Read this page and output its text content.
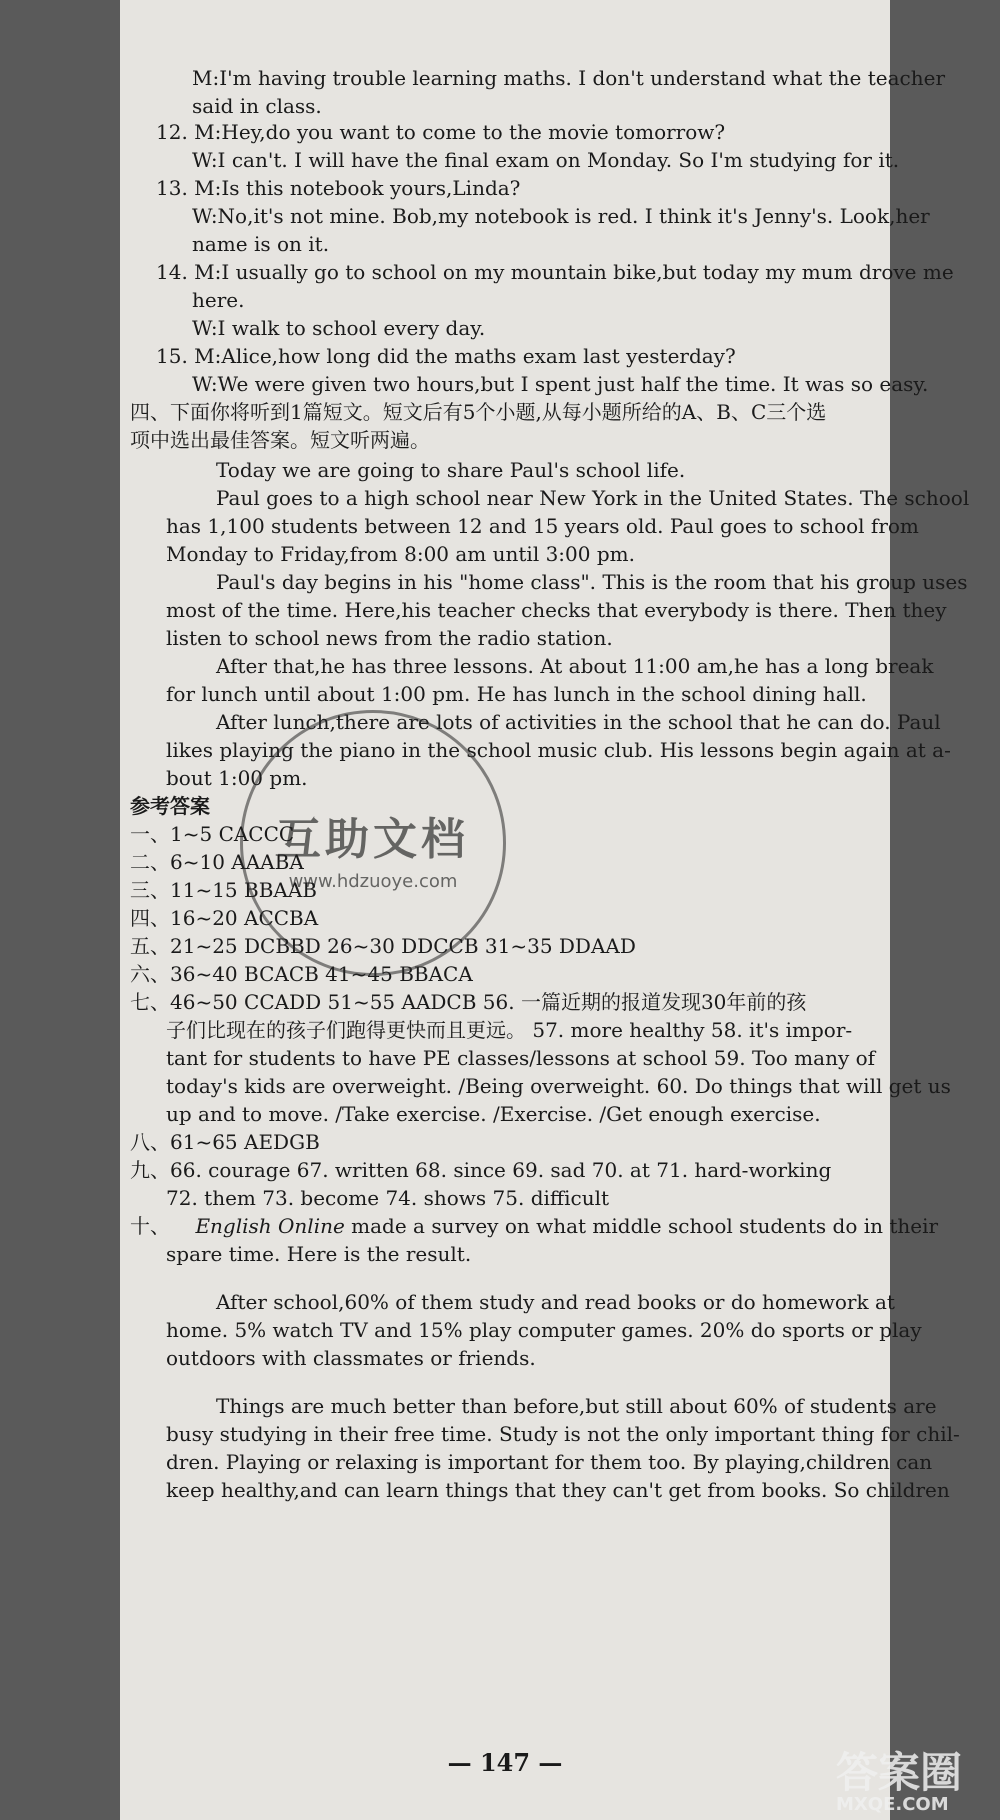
M:I'm having trouble learning maths. I don't understand what the teacher
said in class.
12. M:Hey,do you want to come to the movie tomorrow?
W:I can't. I will have the final exam on Monday. So I'm studying for it.
13. M:Is this notebook yours,Linda?
W:No,it's not mine. Bob,my notebook is red. I think it's Jenny's. Look,her
name is on it.
14. M:I usually go to school on my mountain bike,but today my mum drove me
here.
W:I walk to school every day.
15. M:Alice,how long did the maths exam last yesterday?
W:We were given two hours,but I spent just half the time. It was so easy.
四、下面你将听到1篇短文。短文后有5个小题,从每小题所给的A、B、C三个选
项中选出最佳答案。短文听两遍。
Today we are going to share Paul's school life.
Paul goes to a high school near New York in the United States. The school
has 1,100 students between 12 and 15 years old. Paul goes to school from
Monday to Friday,from 8:00 am until 3:00 pm.
Paul's day begins in his "home class". This is the room that his group uses
most of the time. Here,his teacher checks that everybody is there. Then they
listen to school news from the radio station.
After that,he has three lessons. At about 11:00 am,he has a long break
for lunch until about 1:00 pm. He has lunch in the school dining hall.
After lunch,there are lots of activities in the school that he can do. Paul
likes playing the piano in the school music club. His lessons begin again at a-
bout 1:00 pm.
参考答案
一、1~5 CACCC
二、6~10 AAABA
三、11~15 BBAAB
四、16~20 ACCBA
五、21~25 DCBBD 26~30 DDCCB 31~35 DDAAD
六、36~40 BCACB 41~45 BBACA
七、46~50 CCADD 51~55 AADCB 56. 一篇近期的报道发现30年前的孩
子们比现在的孩子们跑得更快而且更远。 57. more healthy 58. it's impor-
tant for students to have PE classes/lessons at school 59. Too many of
today's kids are overweight. /Being overweight. 60. Do things that will get us
up and to move. /Take exercise. /Exercise. /Get enough exercise.
八、61~65 AEDGB
九、66. courage 67. written 68. since 69. sad 70. at 71. hard-working
72. them 73. become 74. shows 75. difficult
十、 English Online made a survey on what middle school students do in their
spare time. Here is the result.
After school,60% of them study and read books or do homework at
home. 5% watch TV and 15% play computer games. 20% do sports or play
outdoors with classmates or friends.
Things are much better than before,but still about 60% of students are
busy studying in their free time. Study is not the only important thing for chil-
dren. Playing or relaxing is important for them too. By playing,children can
keep healthy,and can learn things that they can't get from books. So children
— 147 —
互助文档
www.hdzuoye.com
答案圈
MXQE.COM
